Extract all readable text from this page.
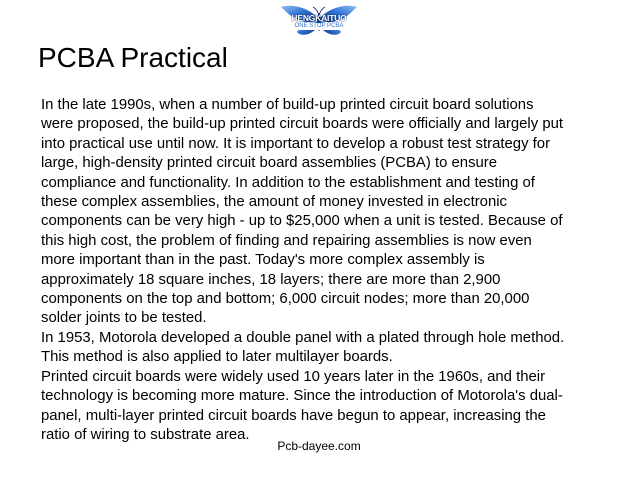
HENGKAITUO
ONE STOP PCBA
PCBA Practical
In the late 1990s, when a number of build-up printed circuit board solutions
were proposed, the build-up printed circuit boards were officially and largely put
into practical use until now. It is important to develop a robust test strategy for
large, high-density printed circuit board assemblies (PCBA) to ensure
compliance and functionality. In addition to the establishment and testing of
these complex assemblies, the amount of money invested in electronic
components can be very high - up to $25,000 when a unit is tested. Because of
this high cost, the problem of finding and repairing assemblies is now even
more important than in the past. Today's more complex assembly is
approximately 18 square inches, 18 layers; there are more than 2,900
components on the top and bottom; 6,000 circuit nodes; more than 20,000
solder joints to be tested.
In 1953, Motorola developed a double panel with a plated through hole method.
This method is also applied to later multilayer boards.
Printed circuit boards were widely used 10 years later in the 1960s, and their
technology is becoming more mature. Since the introduction of Motorola's dual-
panel, multi-layer printed circuit boards have begun to appear, increasing the
ratio of wiring to substrate area.
Pcb-dayee.com
